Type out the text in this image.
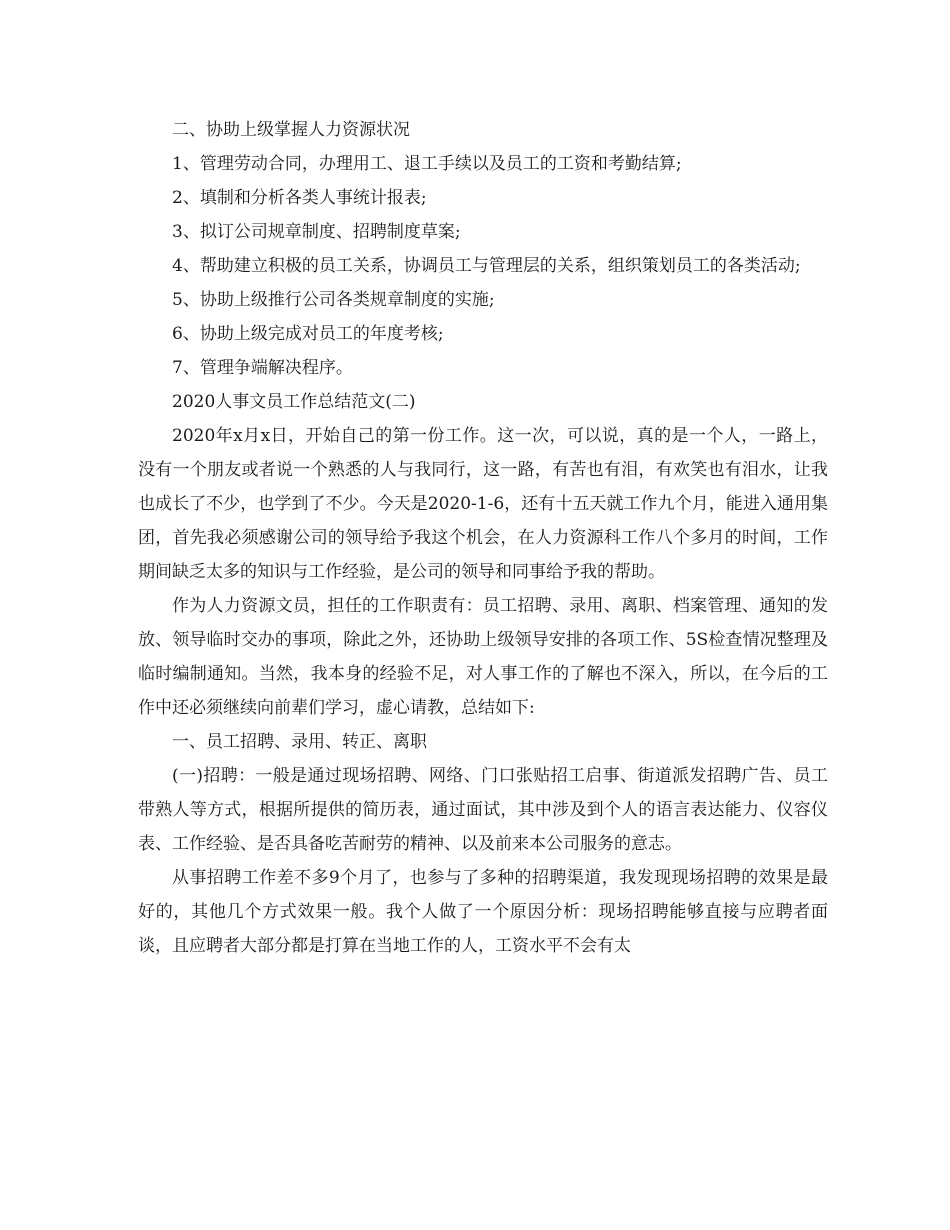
二、协助上级掌握人力资源状况

1、管理劳动合同，办理用工、退工手续以及员工的工资和考勤结算;

2、填制和分析各类人事统计报表;

3、拟订公司规章制度、招聘制度草案;

4、帮助建立积极的员工关系，协调员工与管理层的关系，组织策划员工的各类活动;

5、协助上级推行公司各类规章制度的实施;

6、协助上级完成对员工的年度考核;

7、管理争端解决程序。

2020人事文员工作总结范文(二)

2020年x月x日，开始自己的第一份工作。这一次，可以说，真的是一个人，一路上，没有一个朋友或者说一个熟悉的人与我同行，这一路，有苦也有泪，有欢笑也有泪水，让我也成长了不少，也学到了不少。今天是2020-1-6，还有十五天就工作九个月，能进入通用集团，首先我必须感谢公司的领导给予我这个机会，在人力资源科工作八个多月的时间，工作期间缺乏太多的知识与工作经验，是公司的领导和同事给予我的帮助。

作为人力资源文员，担任的工作职责有：员工招聘、录用、离职、档案管理、通知的发放、领导临时交办的事项，除此之外，还协助上级领导安排的各项工作、5S检查情况整理及临时编制通知。当然，我本身的经验不足，对人事工作的了解也不深入，所以，在今后的工作中还必须继续向前辈们学习，虚心请教，总结如下:

一、员工招聘、录用、转正、离职

(一)招聘：一般是通过现场招聘、网络、门口张贴招工启事、街道派发招聘广告、员工带熟人等方式，根据所提供的简历表，通过面试，其中涉及到个人的语言表达能力、仪容仪表、工作经验、是否具备吃苦耐劳的精神、以及前来本公司服务的意志。

从事招聘工作差不多9个月了，也参与了多种的招聘渠道，我发现现场招聘的效果是最好的，其他几个方式效果一般。我个人做了一个原因分析：现场招聘能够直接与应聘者面谈，且应聘者大部分都是打算在当地工作的人，工资水平不会有太
